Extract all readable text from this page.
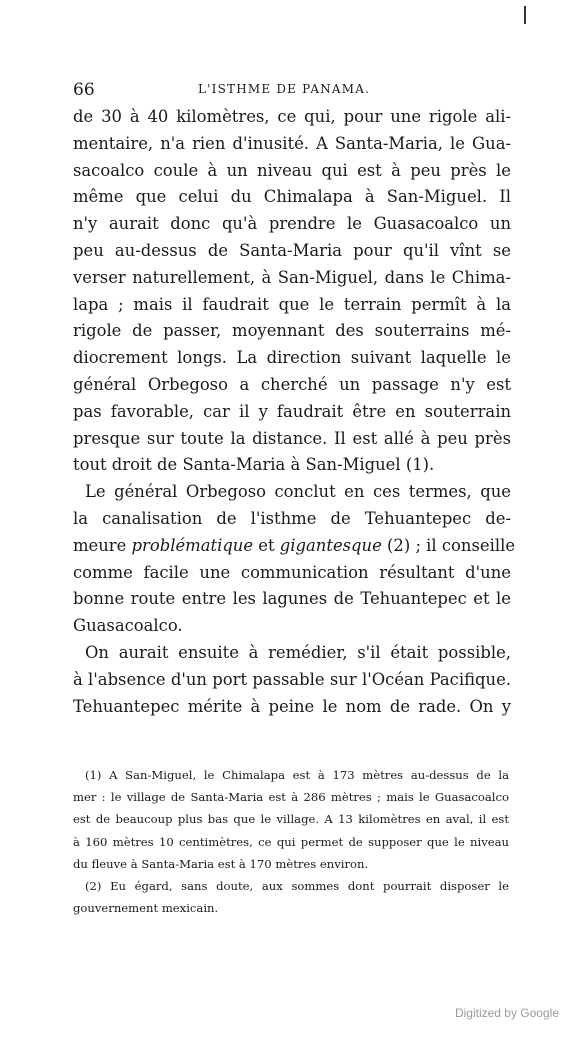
66	L'ISTHME DE PANAMA.
de 30 à 40 kilomètres, ce qui, pour une rigole ali-
mentaire, n'a rien d'inusité. A Santa-Maria, le Gua-
sacoalco coule à un niveau qui est à peu près le
même que celui du Chimalapa à San-Miguel. Il
n'y aurait donc qu'à prendre le Guasacoalco un
peu au-dessus de Santa-Maria pour qu'il vînt se
verser naturellement, à San-Miguel, dans le Chima-
lapa ; mais il faudrait que le terrain permît à la
rigole de passer, moyennant des souterrains mé-
diocrement longs. La direction suivant laquelle le
général Orbegoso a cherché un passage n'y est
pas favorable, car il y faudrait être en souterrain
presque sur toute la distance. Il est allé à peu près
tout droit de Santa-Maria à San-Miguel (1).
Le général Orbegoso conclut en ces termes, que
la canalisation de l'isthme de Tehuantepec de-
meure problématique et gigantesque (2) ; il conseille
comme facile une communication résultant d'une
bonne route entre les lagunes de Tehuantepec et le
Guasacoalco.
On aurait ensuite à remédier, s'il était possible,
à l'absence d'un port passable sur l'Océan Pacifique.
Tehuantepec mérite à peine le nom de rade. On y
(1) A San-Miguel, le Chimalapa est à 173 mètres au-dessus de la
mer : le village de Santa-Maria est à 286 mètres ; mais le Guasacoalco
est de beaucoup plus bas que le village. A 13 kilomètres en aval, il est
à 160 mètres 10 centimètres, ce qui permet de supposer que le niveau
du fleuve à Santa-Maria est à 170 mètres environ.
(2) Eu égard, sans doute, aux sommes dont pourrait disposer le
gouvernement mexicain.
Digitized by Google
